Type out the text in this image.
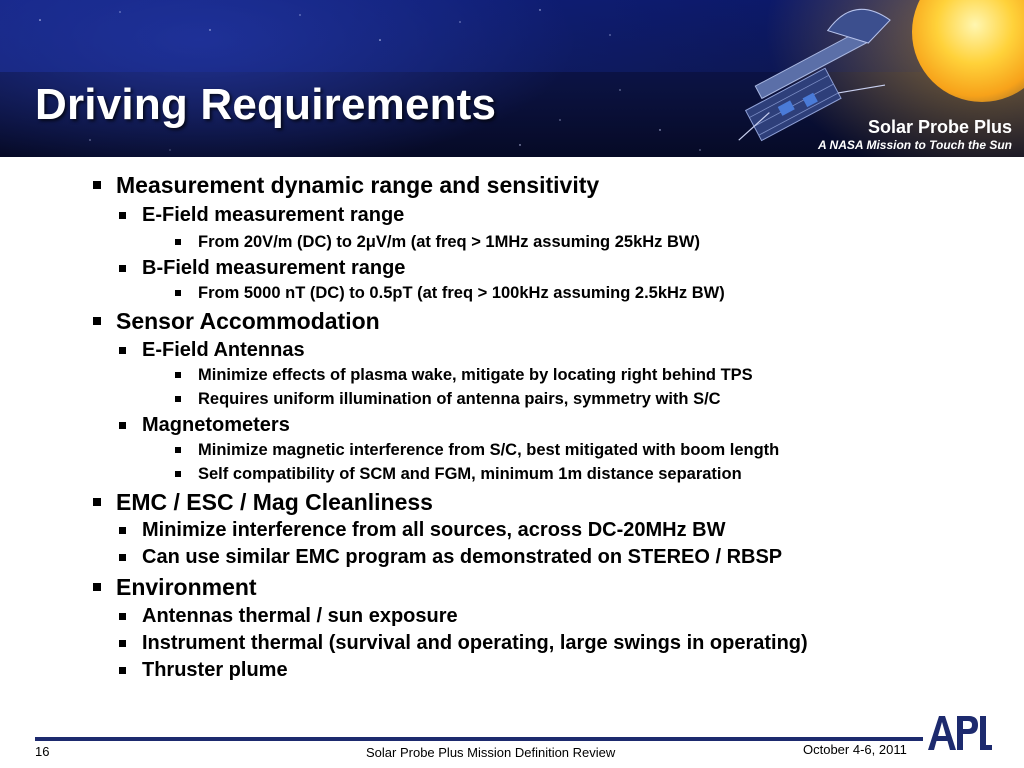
Driving Requirements	Solar Probe Plus
A NASA Mission to Touch the Sun
Measurement dynamic range and sensitivity
E-Field measurement range
From 20V/m (DC) to 2μV/m (at freq > 1MHz assuming 25kHz BW)
B-Field measurement range
From 5000 nT (DC) to 0.5pT (at freq > 100kHz assuming 2.5kHz BW)
Sensor Accommodation
E-Field Antennas
Minimize effects of plasma wake, mitigate by locating right behind TPS
Requires uniform illumination of antenna pairs, symmetry with S/C
Magnetometers
Minimize magnetic interference from S/C, best mitigated with boom length
Self compatibility of SCM and FGM, minimum 1m distance separation
EMC / ESC / Mag Cleanliness
Minimize interference from all sources, across DC-20MHz BW
Can use similar EMC program as demonstrated on STEREO / RBSP
Environment
Antennas thermal / sun exposure
Instrument thermal (survival and operating, large swings in operating)
Thruster plume
16	Solar Probe Plus Mission Definition Review	October 4-6, 2011
